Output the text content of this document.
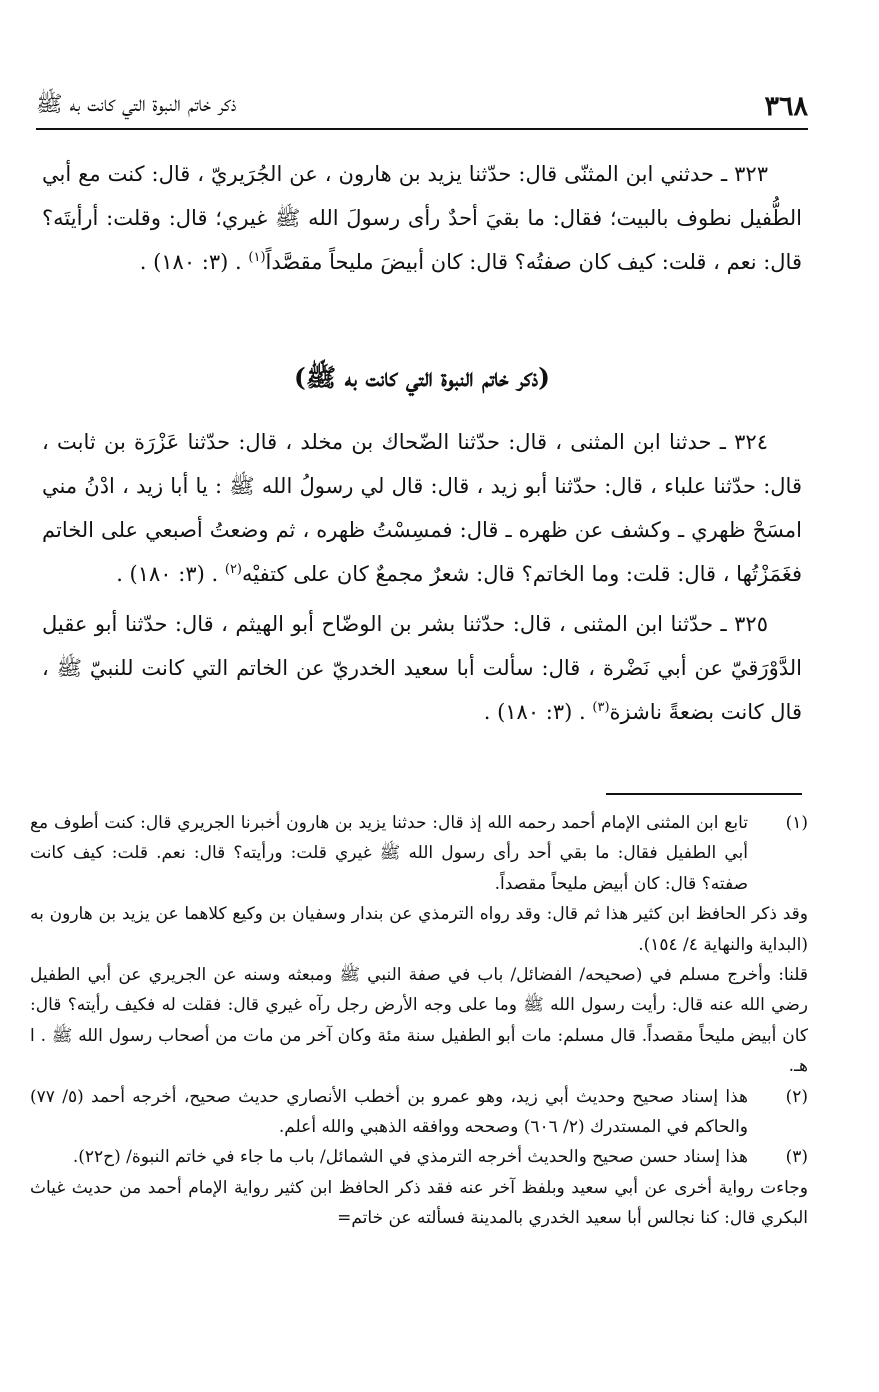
٣٦٨
ذكر خاتم النبوة التي كانت به ﷺ

٣٢٣ ـ حدثني ابن المثنّى قال: حدّثنا يزيد بن هارون ، عن الجُرَيريّ ، قال: كنت مع أبي الطُّفيل نطوف بالبيت؛ فقال: ما بقيَ أحدٌ رأى رسولَ الله ﷺ غيري؛ قال: وقلت: أرأيتَه؟ قال: نعم ، قلت: كيف كان صفتُه؟ قال: كان أبيضَ مليحاً مقصَّداً$^{(١)}$ . (٣: ١٨٠) .

(ذكر خاتم النبوة التي كانت به ﷺ)

٣٢٤ ـ حدثنا ابن المثنى ، قال: حدّثنا الضّحاك بن مخلد ، قال: حدّثنا عَزْرَة بن ثابت ، قال: حدّثنا علباء ، قال: حدّثنا أبو زيد ، قال: قال لي رسولُ الله ﷺ : يا أبا زيد ، ادْنُ مني امسَحْ ظهري ـ وكشف عن ظهره ـ قال: فمسِسْتُ ظهره ، ثم وضعتُ أصبعي على الخاتم فغَمَزْتُها ، قال: قلت: وما الخاتم؟ قال: شعرٌ مجمعٌ كان على كتفيْه$^{(٢)}$ . (٣: ١٨٠) .

٣٢٥ ـ حدّثنا ابن المثنى ، قال: حدّثنا بشر بن الوضّاح أبو الهيثم ، قال: حدّثنا أبو عقيل الدَّوْرَقيّ عن أبي نَضْرة ، قال: سألت أبا سعيد الخدريّ عن الخاتم التي كانت للنبيّ ﷺ ، قال كانت بضعةً ناشزة$^{(٣)}$ . (٣: ١٨٠) .

(١)
تابع ابن المثنى الإمام أحمد رحمه الله إذ قال: حدثنا يزيد بن هارون أخبرنا الجريري قال: كنت أطوف مع أبي الطفيل فقال: ما بقي أحد رأى رسول الله ﷺ غيري قلت: ورأيته؟ قال: نعم. قلت: كيف كانت صفته؟ قال: كان أبيض مليحاً مقصداً.

وقد ذكر الحافظ ابن كثير هذا ثم قال: وقد رواه الترمذي عن بندار وسفيان بن وكيع كلاهما عن يزيد بن هارون به (البداية والنهاية ٤/ ١٥٤).

قلنا: وأخرج مسلم في (صحيحه/ الفضائل/ باب في صفة النبي ﷺ ومبعثه وسنه عن الجريري عن أبي الطفيل رضي الله عنه قال: رأيت رسول الله ﷺ وما على وجه الأرض رجل رآه غيري قال: فقلت له فكيف رأيته؟ قال: كان أبيض مليحاً مقصداً. قال مسلم: مات أبو الطفيل سنة مئة وكان آخر من مات من أصحاب رسول الله ﷺ . ا هـ.

(٢)
هذا إسناد صحيح وحديث أبي زيد، وهو عمرو بن أخطب الأنصاري حديث صحيح، أخرجه أحمد (٥/ ٧٧) والحاكم في المستدرك (٢/ ٦٠٦) وصححه ووافقه الذهبي والله أعلم.
(٣)
هذا إسناد حسن صحيح والحديث أخرجه الترمذي في الشمائل/ باب ما جاء في خاتم النبوة/ (ح٢٢).

وجاءت رواية أخرى عن أبي سعيد وبلفظ آخر عنه فقد ذكر الحافظ ابن كثير رواية الإمام أحمد من حديث غياث البكري قال: كنا نجالس أبا سعيد الخدري بالمدينة فسألته عن خاتم=
